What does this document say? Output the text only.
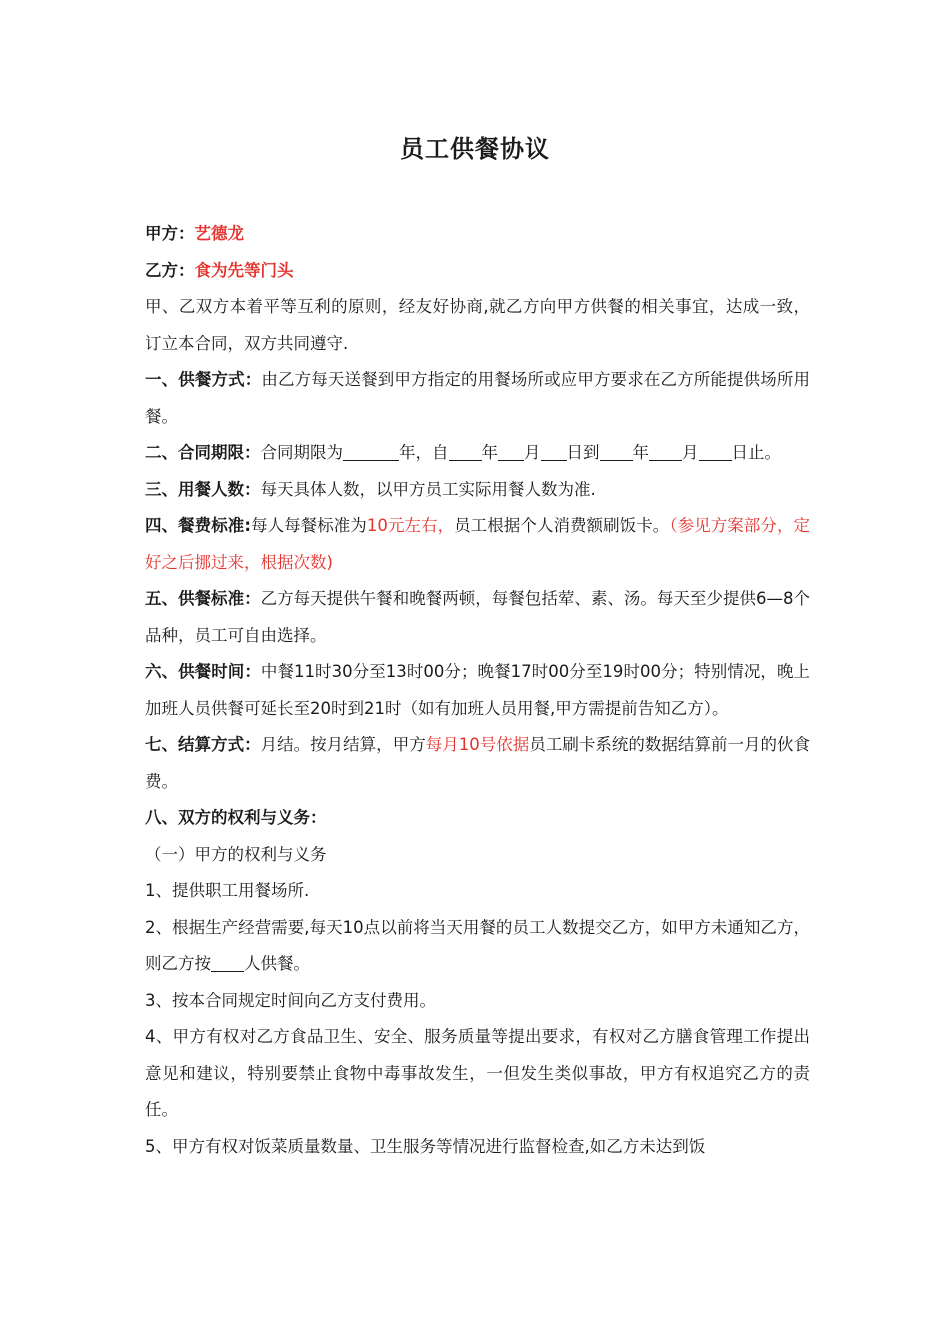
员工供餐协议

甲方：艺德龙

乙方：食为先等门头

甲、乙双方本着平等互利的原则，经友好协商,就乙方向甲方供餐的相关事宜，达成一致，订立本合同，双方共同遵守.

一、供餐方式：由乙方每天送餐到甲方指定的用餐场所或应甲方要求在乙方所能提供场所用餐。

二、合同期限：合同期限为	年，自 年 月 日到 年 月 日止。

三、用餐人数：每天具体人数，以甲方员工实际用餐人数为准.

四、餐费标准:每人每餐标准为10元左右，员工根据个人消费额刷饭卡。（参见方案部分，定好之后挪过来，根据次数)

五、供餐标准：乙方每天提供午餐和晚餐两顿，每餐包括荤、素、汤。每天至少提供6—8个品种，员工可自由选择。

六、供餐时间：中餐11时30分至13时00分；晚餐17时00分至19时00分；特别情况，晚上加班人员供餐可延长至20时到21时（如有加班人员用餐,甲方需提前告知乙方）。

七、结算方式：月结。按月结算，甲方每月10号依据员工刷卡系统的数据结算前一月的伙食费。

八、双方的权利与义务：

（一）甲方的权利与义务

1、提供职工用餐场所.

2、根据生产经营需要,每天10点以前将当天用餐的员工人数提交乙方，如甲方未通知乙方，则乙方按 人供餐。

3、按本合同规定时间向乙方支付费用。

4、甲方有权对乙方食品卫生、安全、服务质量等提出要求，有权对乙方膳食管理工作提出意见和建议，特别要禁止食物中毒事故发生，一但发生类似事故，甲方有权追究乙方的责任。

5、甲方有权对饭菜质量数量、卫生服务等情况进行监督检查,如乙方未达到饭
